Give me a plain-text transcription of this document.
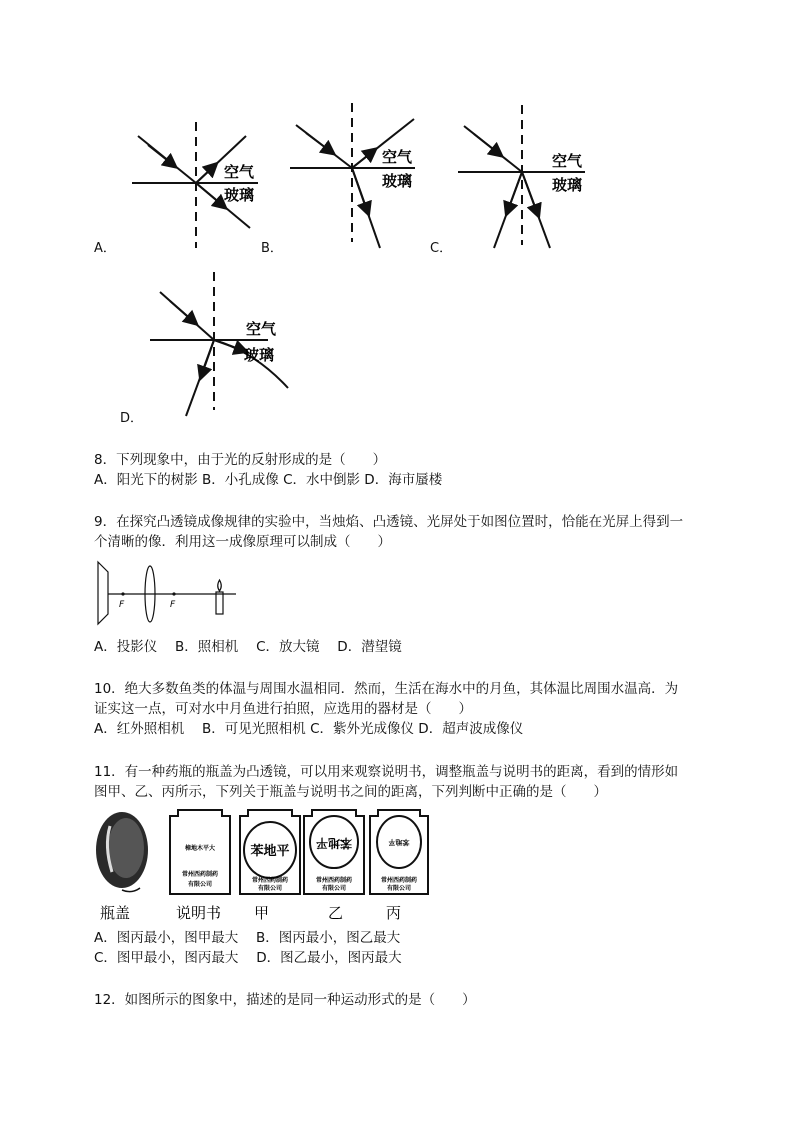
空气
玻璃
空气
玻璃
空气
玻璃
空气
玻璃
A．	B．	C．
D．
8．下列现象中，由于光的反射形成的是（　　）
A．阳光下的树影 B．小孔成像 C．水中倒影 D．海市蜃楼
9．在探究凸透镜成像规律的实验中，当烛焰、凸透镜、光屏处于如图位置时，恰能在光屏上得到一
个清晰的像．利用这一成像原理可以制成（　　）
F	F
A．投影仪　 B．照相机　 C．放大镜　 D．潜望镜
10．绝大多数鱼类的体温与周围水温相同．然而，生活在海水中的月鱼，其体温比周围水温高．为
证实这一点，可对水中月鱼进行拍照，应选用的器材是（　　）
A．红外照相机　 B．可见光照相机 C．紫外光成像仪 D．超声波成像仪
11．有一种药瓶的瓶盖为凸透镜，可以用来观察说明书，调整瓶盖与说明书的距离，看到的情形如
图甲、乙、丙所示，下列关于瓶盖与说明书之间的距离，下列判断中正确的是（　　）
樟地木平大
常州西药制药
有限公司
苯地平
常州西药制药
有限公司
苯地平
常州西药制药
有限公司
苯地平
常州西药制药
有限公司
瓶盖	说明书 甲	乙	丙
A．图丙最小，图甲最大　 B．图丙最小，图乙最大
C．图甲最小，图丙最大　 D．图乙最小，图丙最大
12．如图所示的图象中，描述的是同一种运动形式的是（　　）
